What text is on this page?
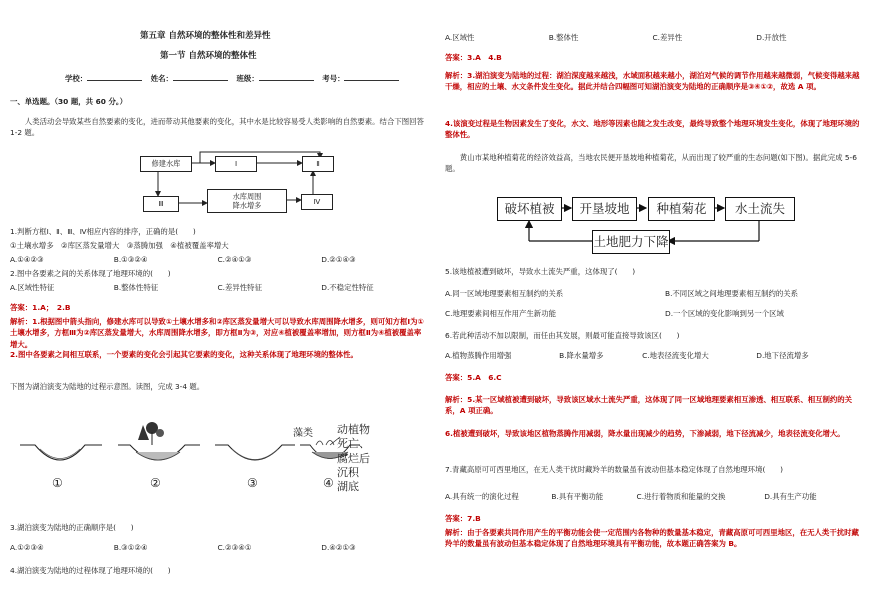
第五章 自然环境的整体性和差异性
第一节 自然环境的整体性
学校：	姓名：	班级：	考号：
一、单选题。（30 题，共 60 分。）
人类活动会导致某些自然要素的变化，进而带动其他要素的变化，其中水是比较容易受人类影响的自然要素。结合下图回答 1-2 题。
修建水库	Ⅰ	Ⅱ
Ⅲ
水库周围
降水增多	Ⅳ
1.判断方框Ⅰ、Ⅱ、Ⅲ、Ⅳ相应内容的排序，正确的是(　　)
①土壤水增多　②库区蒸发量增大　③蒸腾加强　④植被覆盖率增大
A.①④②③	B.①③②④	C.②④①③	D.②①④③
2.图中各要素之间的关系体现了地理环境的(　　)
A.区域性特征	B.整体性特征	C.差异性特征	D.不稳定性特征
答案：1.A；　2.B
解析：1.根据图中箭头指向，修建水库可以导致①土壤水增多和②库区蒸发量增大可以导致水库周围降水增多，则可知方框Ⅰ为①土壤水增多，方框Ⅲ为②库区蒸发量增大，水库周围降水增多，即方框Ⅱ为③，对应④植被覆盖率增加，则方框Ⅱ为④植被覆盖率增大。
2.图中各要素之间相互联系，一个要素的变化会引起其它要素的变化，这种关系体现了地理环境的整体性。
下图为湖泊演变为陆地的过程示意图。读图，完成 3-4 题。
①	②	③	④
藻类 动植物
死亡、
腐烂后
沉积
湖底
3.湖泊演变为陆地的正确顺序是(　　)
A.①②③④	B.③①②④	C.②③④①	D.④②①③
4.湖泊演变为陆地的过程体现了地理环境的(　　)
A.区域性	B.整体性	C.差异性	D.开放性
答案：3.A　4.B
解析：3.湖泊演变为陆地的过程：湖泊深度越来越浅，水域面积越来越小，湖泊对气候的调节作用越来越微弱，气候变得越来越干燥，相应的土壤、水文条件发生变化。据此并结合四幅图可知湖泊演变为陆地的正确顺序是③④①②，故选 A 项。
4.该演变过程是生物因素发生了变化，水文、地形等因素也随之发生改变，最终导致整个地理环境发生变化，体现了地理环境的整体性。
黄山市某地种植菊花的经济效益高，当地农民便开垦坡地种植菊花，从而出现了较严重的生态问题(如下图)。据此完成 5-6 题。
破坏植被	开垦坡地	种植菊花	水土流失
土地肥力下降
5.该地植被遭到破坏，导致水土流失严重，这体现了(　　)
A.同一区域地理要素相互制约的关系	B.不同区域之间地理要素相互制约的关系
C.地理要素间相互作用产生新功能	D.一个区域的变化影响到另一个区域
6.若此种活动不加以限制，而任由其发展，则最可能直接导致该区(　　)
A.植物蒸腾作用增强	B.降水量增多	C.地表径流变化增大	D.地下径流增多
答案：5.A　6.C
解析：5.某一区域植被遭到破坏，导致该区域水土流失严重，这体现了同一区域地理要素相互渗透、相互联系、相互制约的关系，A 项正确。
6.植被遭到破坏，导致该地区植物蒸腾作用减弱，降水量出现减少的趋势，下渗减弱，地下径流减少，地表径流变化增大。
7.青藏高原可可西里地区，在无人类干扰时藏羚羊的数量虽有波动但基本稳定体现了自然地理环境(　　)
A.具有统一的演化过程	B.具有平衡功能	C.进行着物质和能量的交换	D.具有生产功能
答案：7.B
解析：由于各要素共同作用产生的平衡功能会使一定范围内各物种的数量基本稳定，青藏高原可可西里地区，在无人类干扰时藏羚羊的数量虽有波动但基本稳定体现了自然地理环境具有平衡功能，故本题正确答案为 B。
